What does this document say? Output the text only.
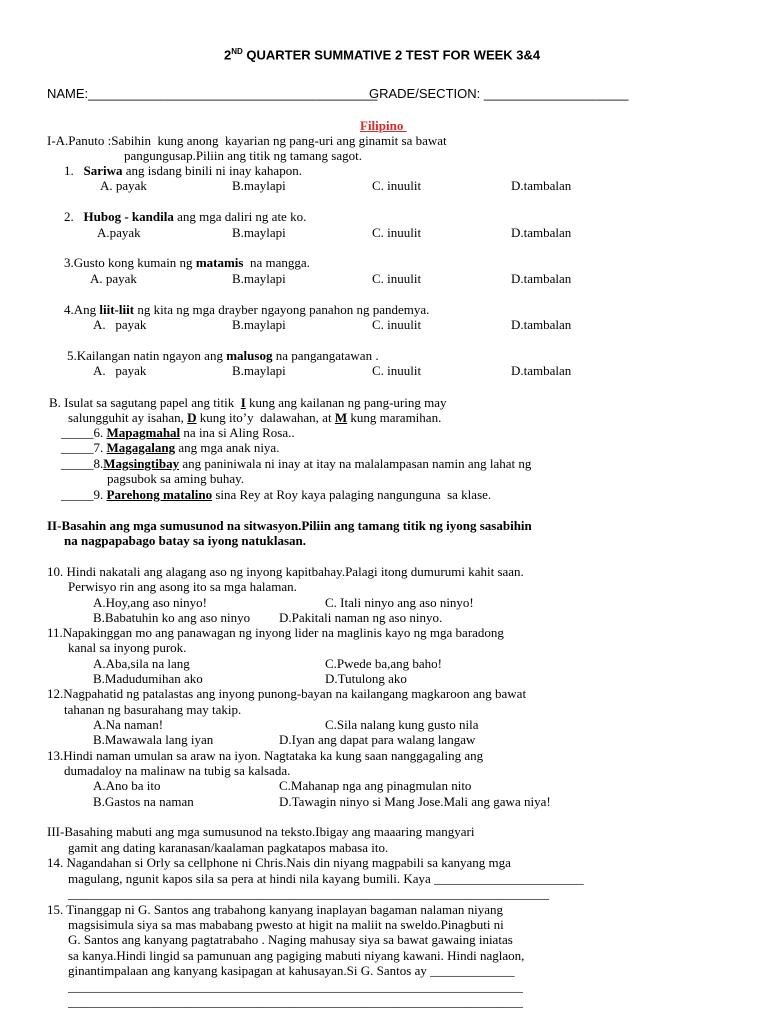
2ND QUARTER SUMMATIVE 2 TEST FOR WEEK 3&4
NAME:________________________________________
GRADE/SECTION: ____________________
Filipino
I-A.Panuto :Sabihin  kung anong  kayarian ng pang-uri ang ginamit sa bawat
pangungusap.Piliin ang titik ng tamang sagot.
1.   Sariwa ang isdang binili ni inay kahapon.
A. payak	B.maylapi	C. inuulit	D.tambalan
2.   Hubog - kandila ang mga daliri ng ate ko.
A.payak	B.maylapi	C. inuulit	D.tambalan
3.Gusto kong kumain ng matamis  na mangga.
A. payak	B.maylapi	C. inuulit	D.tambalan
4.Ang liit-liit ng kita ng mga drayber ngayong panahon ng pandemya.
A.   payak	B.maylapi	C. inuulit	D.tambalan
5.Kailangan natin ngayon ang malusog na pangangatawan .
A.   payak	B.maylapi	C. inuulit	D.tambalan
B. Isulat sa sagutang papel ang titik  I kung ang kailanan ng pang-uring may
salungguhit ay isahan, D kung ito’y  dalawahan, at M kung maramihan.
_____6. Mapagmahal na ina si Aling Rosa..
_____7. Magagalang ang mga anak niya.
_____8.Magsingtibay ang paniniwala ni inay at itay na malalampasan namin ang lahat ng
pagsubok sa aming buhay.
_____9. Parehong matalino sina Rey at Roy kaya palaging nangunguna  sa klase.
II-Basahin ang mga sumusunod na sitwasyon.Piliin ang tamang titik ng iyong sasabihin
na nagpapabago batay sa iyong natuklasan.
10. Hindi nakatali ang alagang aso ng inyong kapitbahay.Palagi itong dumurumi kahit saan.
Perwisyo rin ang asong ito sa mga halaman.
A.Hoy,ang aso ninyo!	C. Itali ninyo ang aso ninyo!
B.Babatuhin ko ang aso ninyo D.Pakitali naman ng aso ninyo.
11.Napakinggan mo ang panawagan ng inyong lider na maglinis kayo ng mga baradong
kanal sa inyong purok.
A.Aba,sila na lang	C.Pwede ba,ang baho!
B.Madudumihan ako	D.Tutulong ako
12.Nagpahatid ng patalastas ang inyong punong-bayan na kailangang magkaroon ang bawat
tahanan ng basurahang may takip.
A.Na naman!	C.Sila nalang kung gusto nila
B.Mawawala lang iyan	D.Iyan ang dapat para walang langaw
13.Hindi naman umulan sa araw na iyon. Nagtataka ka kung saan nanggagaling ang
dumadaloy na malinaw na tubig sa kalsada.
A.Ano ba ito	C.Mahanap nga ang pinagmulan nito
B.Gastos na naman	D.Tawagin ninyo si Mang Jose.Mali ang gawa niya!
III-Basahing mabuti ang mga sumusunod na teksto.Ibigay ang maaaring mangyari
gamit ang dating karanasan/kaalaman pagkatapos mabasa ito.
14. Nagandahan si Orly sa cellphone ni Chris.Nais din niyang magpabili sa kanyang mga
magulang, ngunit kapos sila sa pera at hindi nila kayang bumili. Kaya _______________________
__________________________________________________________________________
15. Tinanggap ni G. Santos ang trabahong kanyang inaplayan bagaman nalaman niyang
magsisimula siya sa mas mababang pwesto at higit na maliit na sweldo.Pinagbuti ni
G. Santos ang kanyang pagtatrabaho . Naging mahusay siya sa bawat gawaing iniatas
sa kanya.Hindi lingid sa pamunuan ang pagiging mabuti niyang kawani. Hindi naglaon,
ginantimpalaan ang kanyang kasipagan at kahusayan.Si G. Santos ay _____________
______________________________________________________________________
______________________________________________________________________
